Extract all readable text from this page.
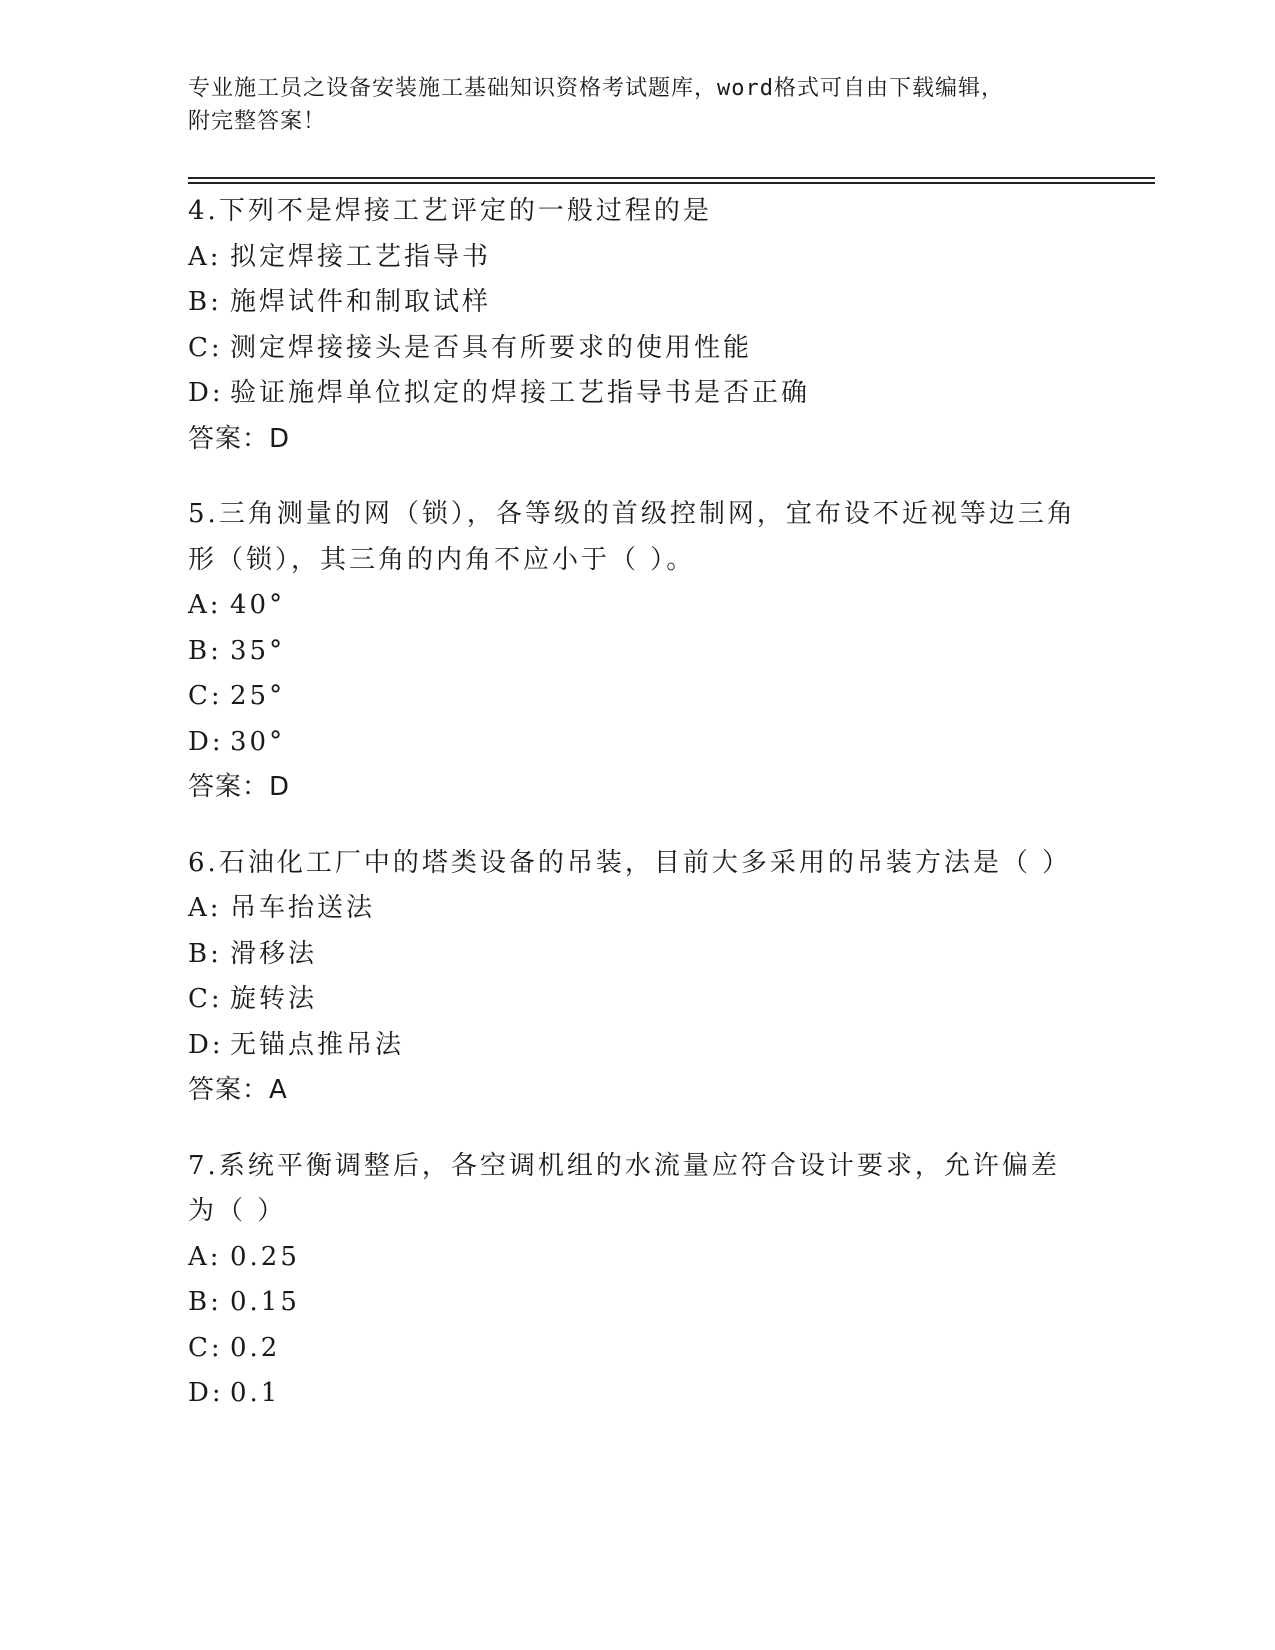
专业施工员之设备安装施工基础知识资格考试题库，word格式可自由下载编辑，
附完整答案！
4.下列不是焊接工艺评定的一般过程的是
A: 拟定焊接工艺指导书
B: 施焊试件和制取试样
C: 测定焊接接头是否具有所要求的使用性能
D: 验证施焊单位拟定的焊接工艺指导书是否正确
答案：D
5.三角测量的网（锁），各等级的首级控制网，宜布设不近视等边三角形（锁），其三角的内角不应小于（ ）。
A: 40°
B: 35°
C: 25°
D: 30°
答案：D
6.石油化工厂中的塔类设备的吊装，目前大多采用的吊装方法是（ ）
A: 吊车抬送法
B: 滑移法
C: 旋转法
D: 无锚点推吊法
答案：A
7.系统平衡调整后，各空调机组的水流量应符合设计要求，允许偏差为（ ）
A: 0.25
B: 0.15
C: 0.2
D: 0.1
